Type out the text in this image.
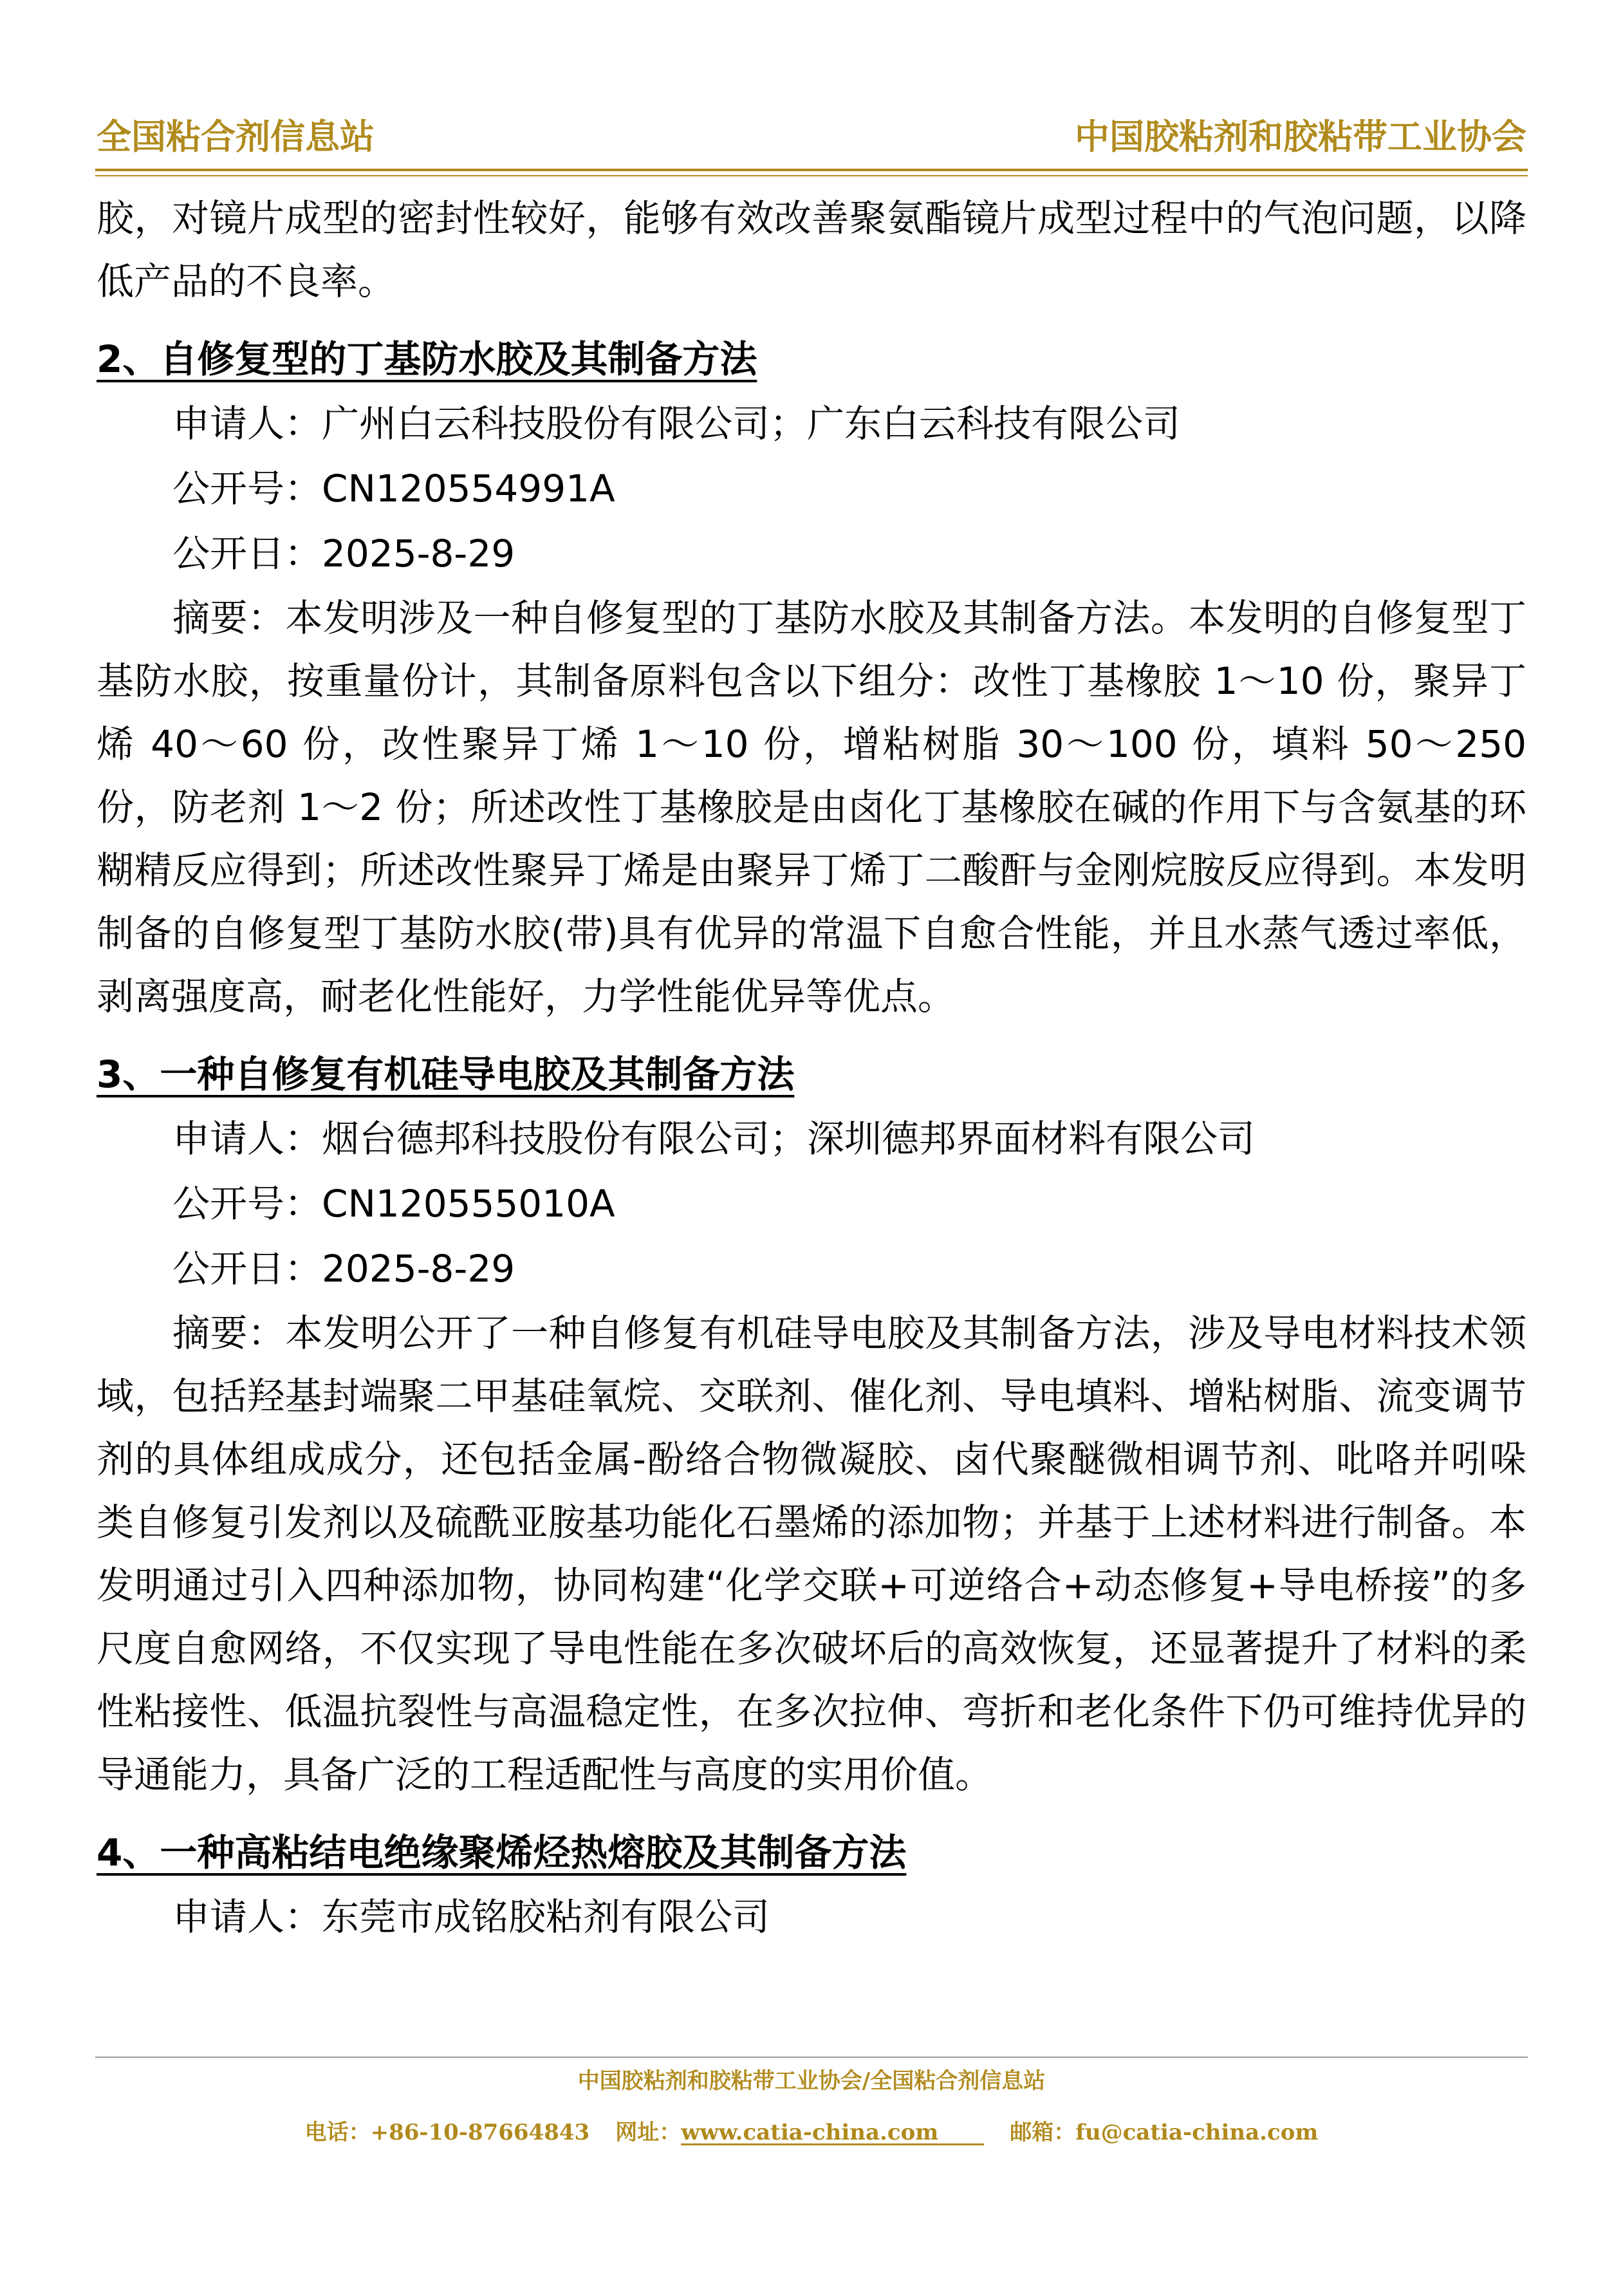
全国粘合剂信息站	中国胶粘剂和胶粘带工业协会

胶，对镜片成型的密封性较好，能够有效改善聚氨酯镜片成型过程中的气泡问题，以降低产品的不良率。

2、自修复型的丁基防水胶及其制备方法

申请人：广州白云科技股份有限公司；广东白云科技有限公司

公开号：CN120554991A

公开日：2025-8-29

摘要：本发明涉及一种自修复型的丁基防水胶及其制备方法。本发明的自修复型丁基防水胶，按重量份计，其制备原料包含以下组分：改性丁基橡胶 1～10 份，聚异丁烯 40～60 份，改性聚异丁烯 1～10 份，增粘树脂 30～100 份，填料 50～250 份，防老剂 1～2 份；所述改性丁基橡胶是由卤化丁基橡胶在碱的作用下与含氨基的环糊精反应得到；所述改性聚异丁烯是由聚异丁烯丁二酸酐与金刚烷胺反应得到。本发明制备的自修复型丁基防水胶(带)具有优异的常温下自愈合性能，并且水蒸气透过率低，剥离强度高，耐老化性能好，力学性能优异等优点。

3、一种自修复有机硅导电胶及其制备方法

申请人：烟台德邦科技股份有限公司；深圳德邦界面材料有限公司

公开号：CN120555010A

公开日：2025-8-29

摘要：本发明公开了一种自修复有机硅导电胶及其制备方法，涉及导电材料技术领域，包括羟基封端聚二甲基硅氧烷、交联剂、催化剂、导电填料、增粘树脂、流变调节剂的具体组成成分，还包括金属-酚络合物微凝胶、卤代聚醚微相调节剂、吡咯并吲哚类自修复引发剂以及硫酰亚胺基功能化石墨烯的添加物；并基于上述材料进行制备。本发明通过引入四种添加物，协同构建“化学交联+可逆络合+动态修复+导电桥接”的多尺度自愈网络，不仅实现了导电性能在多次破坏后的高效恢复，还显著提升了材料的柔性粘接性、低温抗裂性与高温稳定性，在多次拉伸、弯折和老化条件下仍可维持优异的导通能力，具备广泛的工程适配性与高度的实用价值。

4、一种高粘结电绝缘聚烯烃热熔胶及其制备方法

申请人：东莞市成铭胶粘剂有限公司

中国胶粘剂和胶粘带工业协会/全国粘合剂信息站
电话：+86-10-87664843 网址：www.catia-china.com	邮箱：fu@catia-china.com
